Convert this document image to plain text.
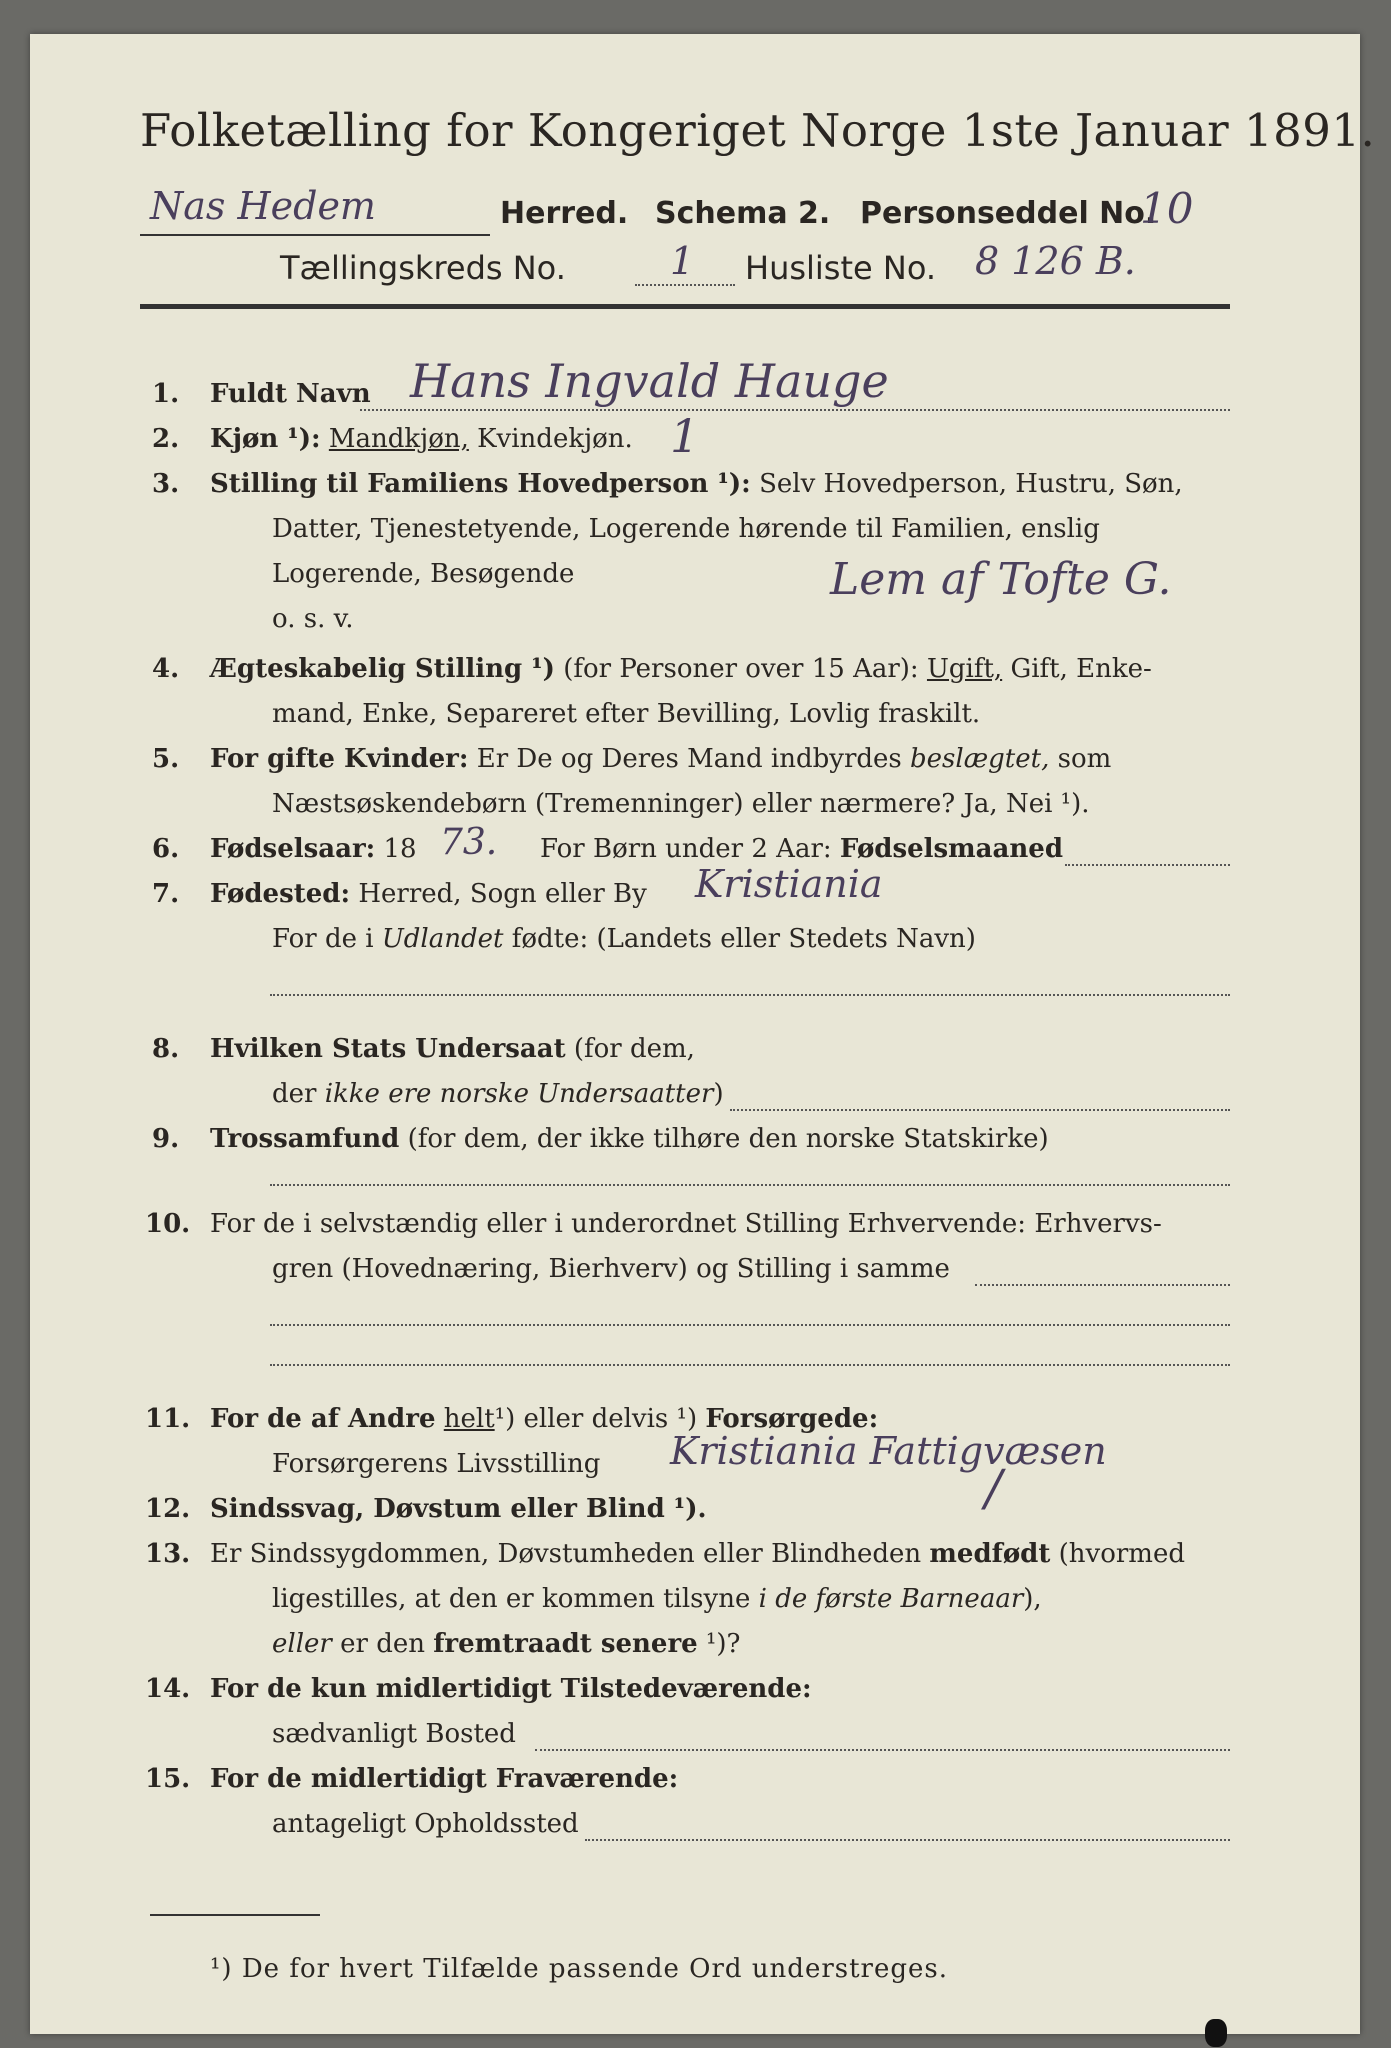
Folketælling for Kongeriget Norge 1ste Januar 1891.
Nas Hedem	Herred. Schema 2. Personseddel No.
10
Tællingskreds No.	1 Husliste No. 8 126 B.
1. Fuldt Navn Hans Ingvald Hauge
2. Kjøn ¹): Mandkjøn, Kvindekjøn. 1
3. Stilling til Familiens Hovedperson ¹): Selv Hovedperson, Hustru, Søn,
Datter, Tjenestetyende, Logerende hørende til Familien, enslig
Logerende, Besøgende
o. s. v.
Lem af Tofte G.
4. Ægteskabelig Stilling ¹) (for Personer over 15 Aar): Ugift, Gift, Enke-
mand, Enke, Separeret efter Bevilling, Lovlig fraskilt.
5. For gifte Kvinder: Er De og Deres Mand indbyrdes beslægtet, som
Næstsøskendebørn (Tremenninger) eller nærmere? Ja, Nei ¹).
6. Fødselsaar: 18 73. For Børn under 2 Aar: Fødselsmaaned
7. Fødested: Herred, Sogn eller By Kristiania
For de i Udlandet fødte: (Landets eller Stedets Navn)
8. Hvilken Stats Undersaat (for dem,
der ikke ere norske Undersaatter)
9. Trossamfund (for dem, der ikke tilhøre den norske Statskirke)
10. For de i selvstændig eller i underordnet Stilling Erhvervende: Erhvervs-
gren (Hovednæring, Bierhverv) og Stilling i samme
11. For de af Andre helt¹) eller delvis ¹) Forsørgede:
Forsørgerens Livsstilling Kristiania Fattigvæsen
12. Sindssvag, Døvstum eller Blind ¹).	/
13. Er Sindssygdommen, Døvstumheden eller Blindheden medfødt (hvormed
ligestilles, at den er kommen tilsyne i de første Barneaar),
eller er den fremtraadt senere ¹)?
14. For de kun midlertidigt Tilstedeværende:
sædvanligt Bosted
15. For de midlertidigt Fraværende:
antageligt Opholdssted
¹) De for hvert Tilfælde passende Ord understreges.
